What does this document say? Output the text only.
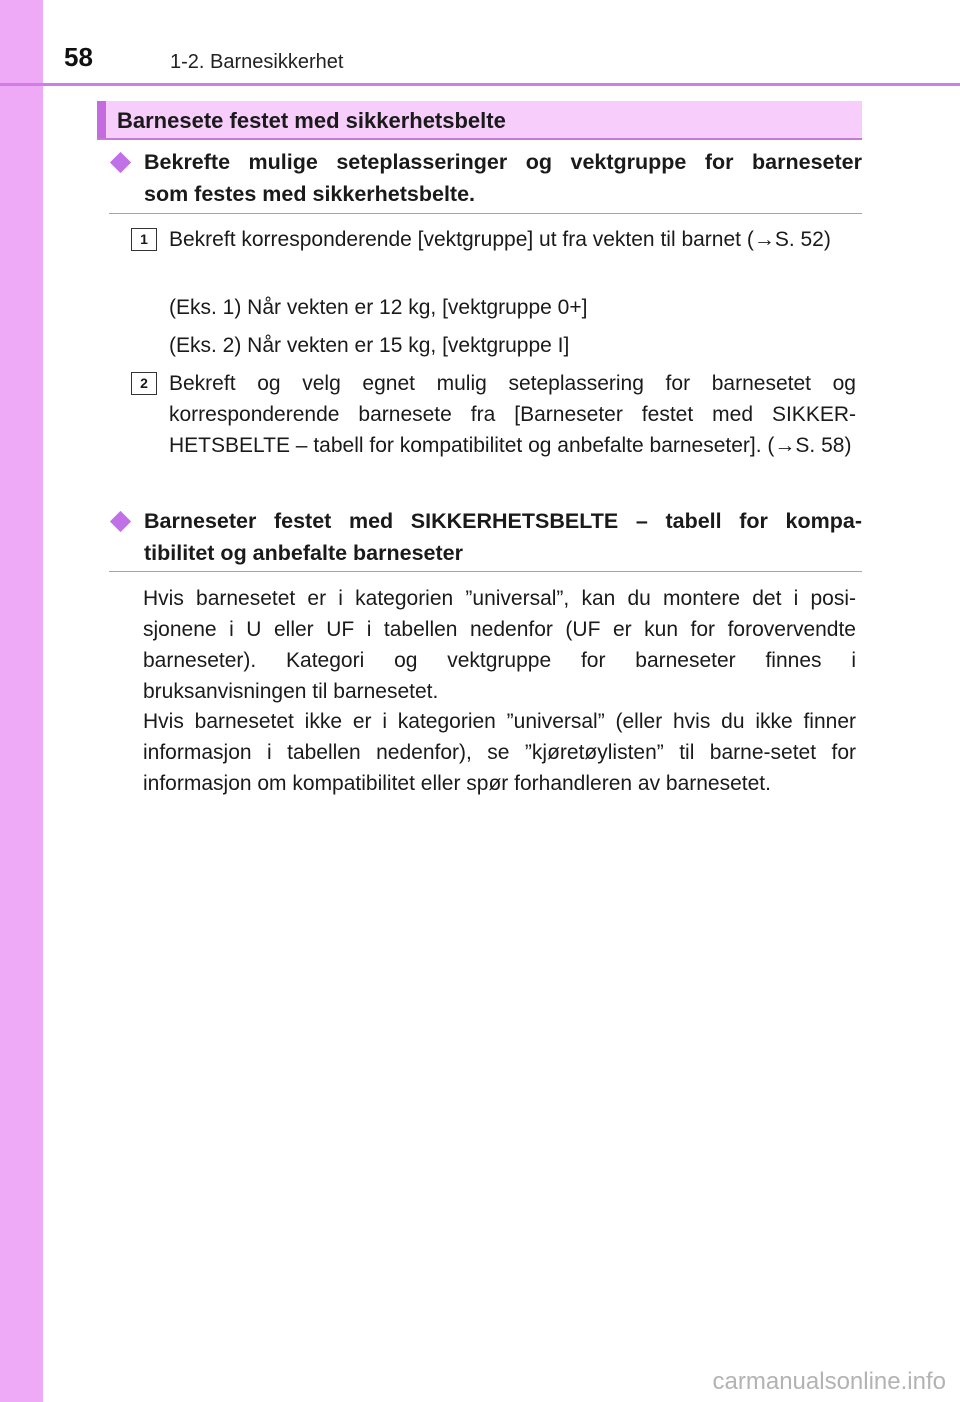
58	1-2. Barnesikkerhet
Barnesete festet med sikkerhetsbelte
Bekrefte mulige seteplasseringer og vektgruppe for barneseter
som festes med sikkerhetsbelte.
1	Bekreft korresponderende [vektgruppe] ut fra vekten til barnet (→S. 52)
(Eks. 1) Når vekten er 12 kg, [vektgruppe 0+]
(Eks. 2) Når vekten er 15 kg, [vektgruppe I]
2	Bekreft og velg egnet mulig seteplassering for barnesetet og korresponderende barnesete fra [Barneseter festet med SIKKER-HETSBELTE – tabell for kompatibilitet og anbefalte barneseter]. (→S. 58)
Barneseter festet med SIKKERHETSBELTE – tabell for kompa-
tibilitet og anbefalte barneseter
Hvis barnesetet er i kategorien ”universal”, kan du montere det i posi-sjonene i U eller UF i tabellen nedenfor (UF er kun for forovervendte barneseter). Kategori og vektgruppe for barneseter finnes i bruksanvisningen til barnesetet.
Hvis barnesetet ikke er i kategorien ”universal” (eller hvis du ikke finner informasjon i tabellen nedenfor), se ”kjøretøylisten” til barne-setet for informasjon om kompatibilitet eller spør forhandleren av barnesetet.
carmanualsonline.info
